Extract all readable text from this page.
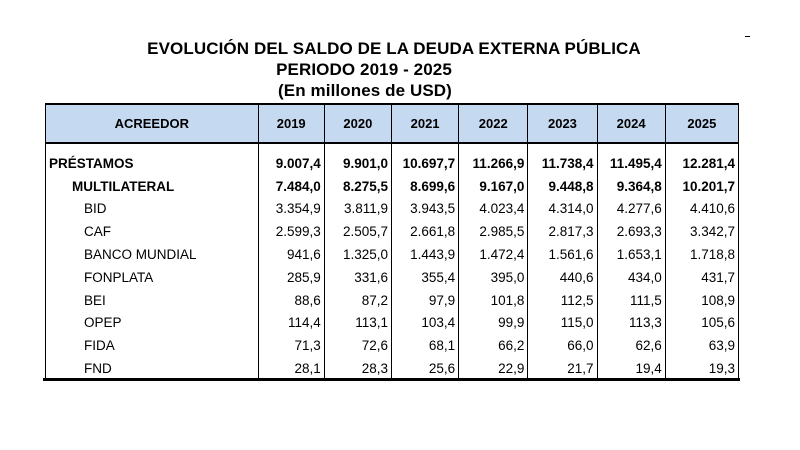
EVOLUCIÓN DEL SALDO DE LA DEUDA EXTERNA PÚBLICA
PERIODO 2019 - 2025
(En millones de USD)
ACREEDOR	2019	2020	2021	2022	2023	2024	2025

PRÉSTAMOS	9.007,4	9.901,0	10.697,7	11.266,9	11.738,4	11.495,4	12.281,4
MULTILATERAL	7.484,0	8.275,5	8.699,6	9.167,0	9.448,8	9.364,8	10.201,7
BID	3.354,9	3.811,9	3.943,5	4.023,4	4.314,0	4.277,6	4.410,6
CAF	2.599,3	2.505,7	2.661,8	2.985,5	2.817,3	2.693,3	3.342,7
BANCO MUNDIAL	941,6	1.325,0	1.443,9	1.472,4	1.561,6	1.653,1	1.718,8
FONPLATA	285,9	331,6	355,4	395,0	440,6	434,0	431,7
BEI	88,6	87,2	97,9	101,8	112,5	111,5	108,9
OPEP	114,4	113,1	103,4	99,9	115,0	113,3	105,6
FIDA	71,3	72,6	68,1	66,2	66,0	62,6	63,9
FND	28,1	28,3	25,6	22,9	21,7	19,4	19,3
